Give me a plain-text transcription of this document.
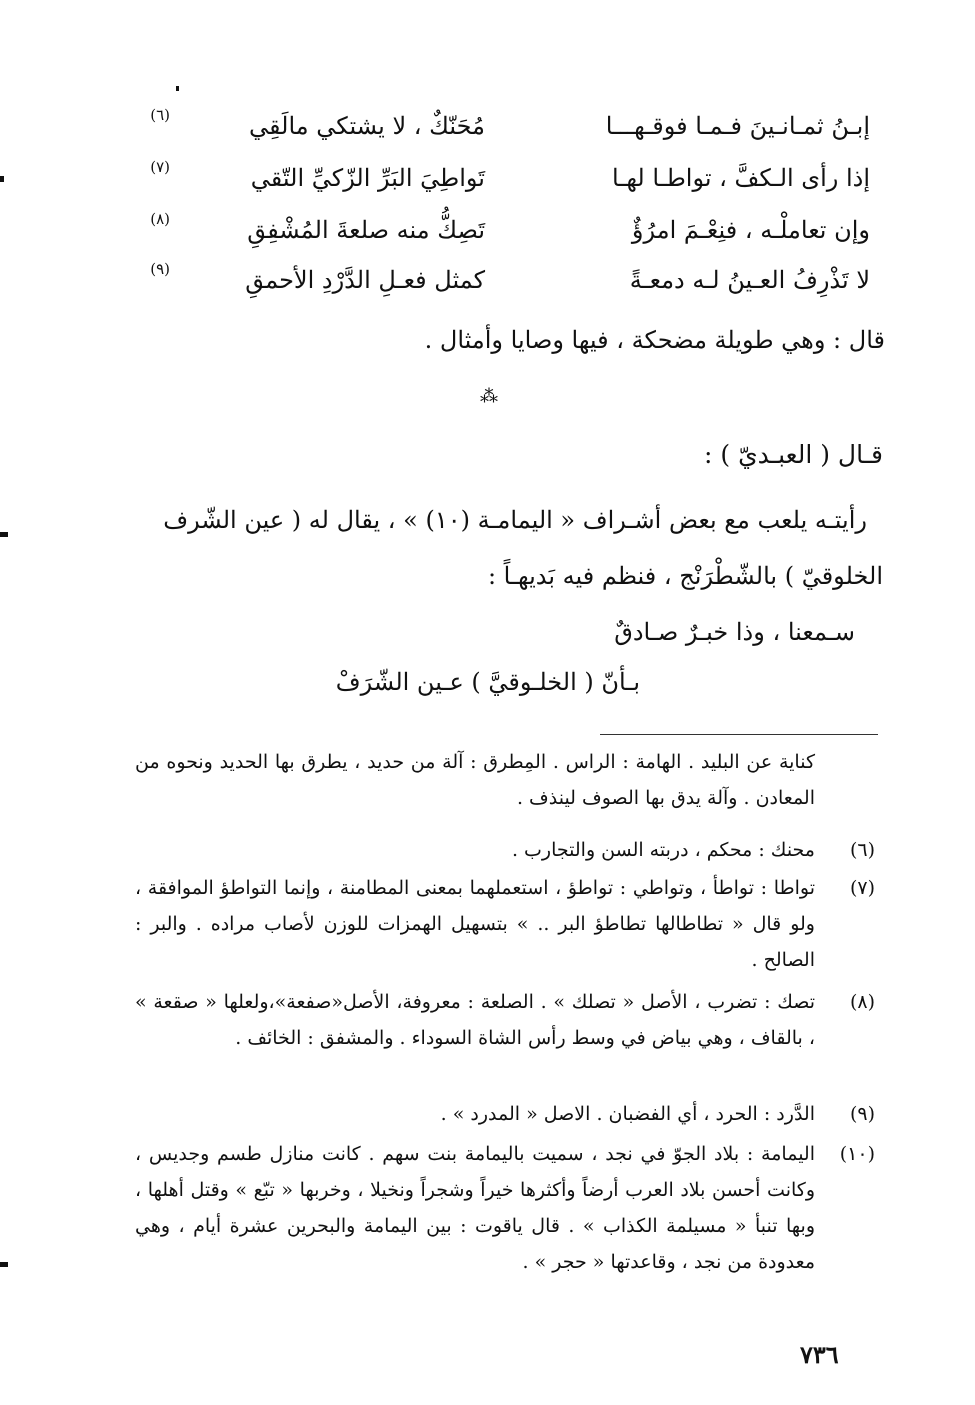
إبـنُ ثمـانـينَ فـمـا فوقـهـــا
مُحَنّكٌ ، لا يشتكي مالَقِي
(٦)
إذا رأى الـكفَّ ، تواطـا لهـا
تَواطِيَ البَرِّ الزّكيِّ التّقي
(٧)
وإن تعاملْـه ، فنِعْـمَ امرُؤٌ
تَصِكُّ منه صلعةَ المُشْفِقِ
(٨)
لا تَذْرِفُ العـينُ لـه دمعـةً
كمثل فعـلِ الدَّرْدِ الأحمقِ
(٩)
قال : وهي طويلة مضحكة ، فيها وصايا وأمثال .
⁂
قـال ( العبـديّ ) :
رأيتـه يلعب مع بعض أشـراف « اليمامـة (١٠) » ، يقال له ( عين الشّرف
الخلوقيّ ) بالشّطْرَنْج ، فنظم فيه بَديهـاً :
سـمعنا ، وذا خبـرٌ صـادقٌ
بـأنّ ( الخلـوقيَّ ) عـين الشّرَفْ
كناية عن البليد . الهامة : الراس . المِطرق : آلة من حديد ، يطرق بها الحديد ونحوه من المعادن . وآلة يدق بها الصوف لينذف .
(٦)
محنك : محكم ، دربته السن والتجارب .
(٧)
تواطا : تواطأ ، وتواطي : تواطؤ ، استعملهما بمعنى المطامنة ، وإنما التواطؤ الموافقة ، ولو قال « تطاطالها تطاطؤ البر .. » بتسهيل الهمزات للوزن لأصاب مراده . والبر : الصالح .
(٨)
تصك : تضرب ، الأصل « تصلك » . الصلعة : معروفة، الأصل«صفعة»،ولعلها « صقعة » ، بالقاف ، وهي بياض في وسط رأس الشاة السوداء . والمشفق : الخائف .
(٩)
الدَّرد : الحرد ، أي الفضبان . الاصل « المدرد » .
(١٠)
اليمامة : بلاد الجوّ في نجد ، سميت باليمامة بنت سهم . كانت منازل طسم وجديس ، وكانت أحسن بلاد العرب أرضاً وأكثرها خيراً وشجراً ونخيلا ، وخربها « تبّع » وقتل أهلها ، وبها تنبأ « مسيلمة الكذاب » . قال ياقوت : بين اليمامة والبحرين عشرة أيام ، وهي معدودة من نجد ، وقاعدتها « حجر » .
٧٣٦
